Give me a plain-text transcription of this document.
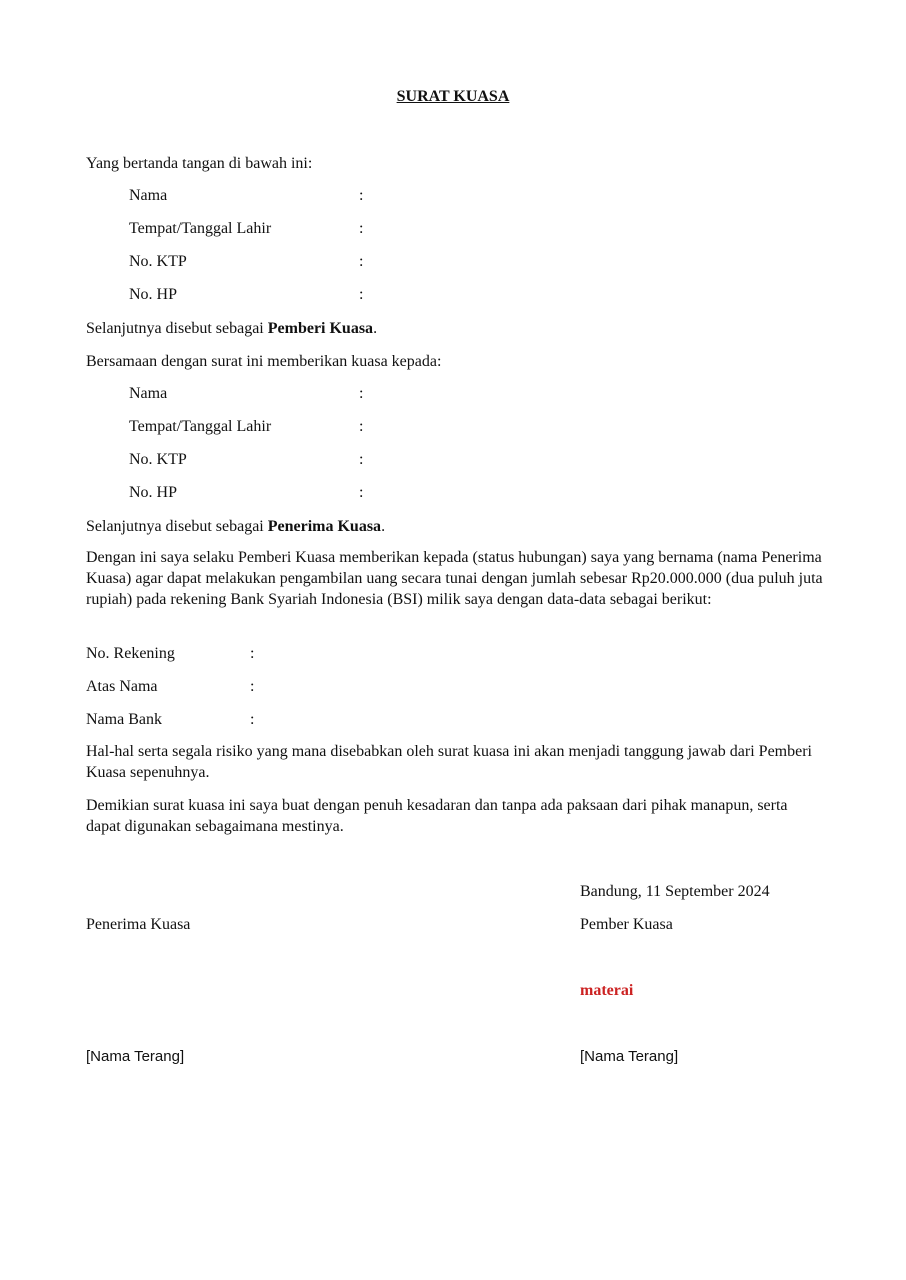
SURAT KUASA
Yang bertanda tangan di bawah ini:
Nama	:
Tempat/Tanggal Lahir	:
No. KTP	:
No. HP	:
Selanjutnya disebut sebagai Pemberi Kuasa.
Bersamaan dengan surat ini memberikan kuasa kepada:
Nama	:
Tempat/Tanggal Lahir	:
No. KTP	:
No. HP	:
Selanjutnya disebut sebagai Penerima Kuasa.
Dengan ini saya selaku Pemberi Kuasa memberikan kepada (status hubungan) saya yang bernama (nama Penerima Kuasa) agar dapat melakukan pengambilan uang secara tunai dengan jumlah sebesar Rp20.000.000 (dua puluh juta rupiah) pada rekening Bank Syariah Indonesia (BSI) milik saya dengan data-data sebagai berikut:
No. Rekening	:
Atas Nama	:
Nama Bank	:
Hal-hal serta segala risiko yang mana disebabkan oleh surat kuasa ini akan menjadi tanggung jawab dari Pemberi Kuasa sepenuhnya.
Demikian surat kuasa ini saya buat dengan penuh kesadaran dan tanpa ada paksaan dari pihak manapun, serta dapat digunakan sebagaimana mestinya.
Bandung, 11 September 2024
Penerima Kuasa	Pember Kuasa
materai
[Nama Terang]	[Nama Terang]
